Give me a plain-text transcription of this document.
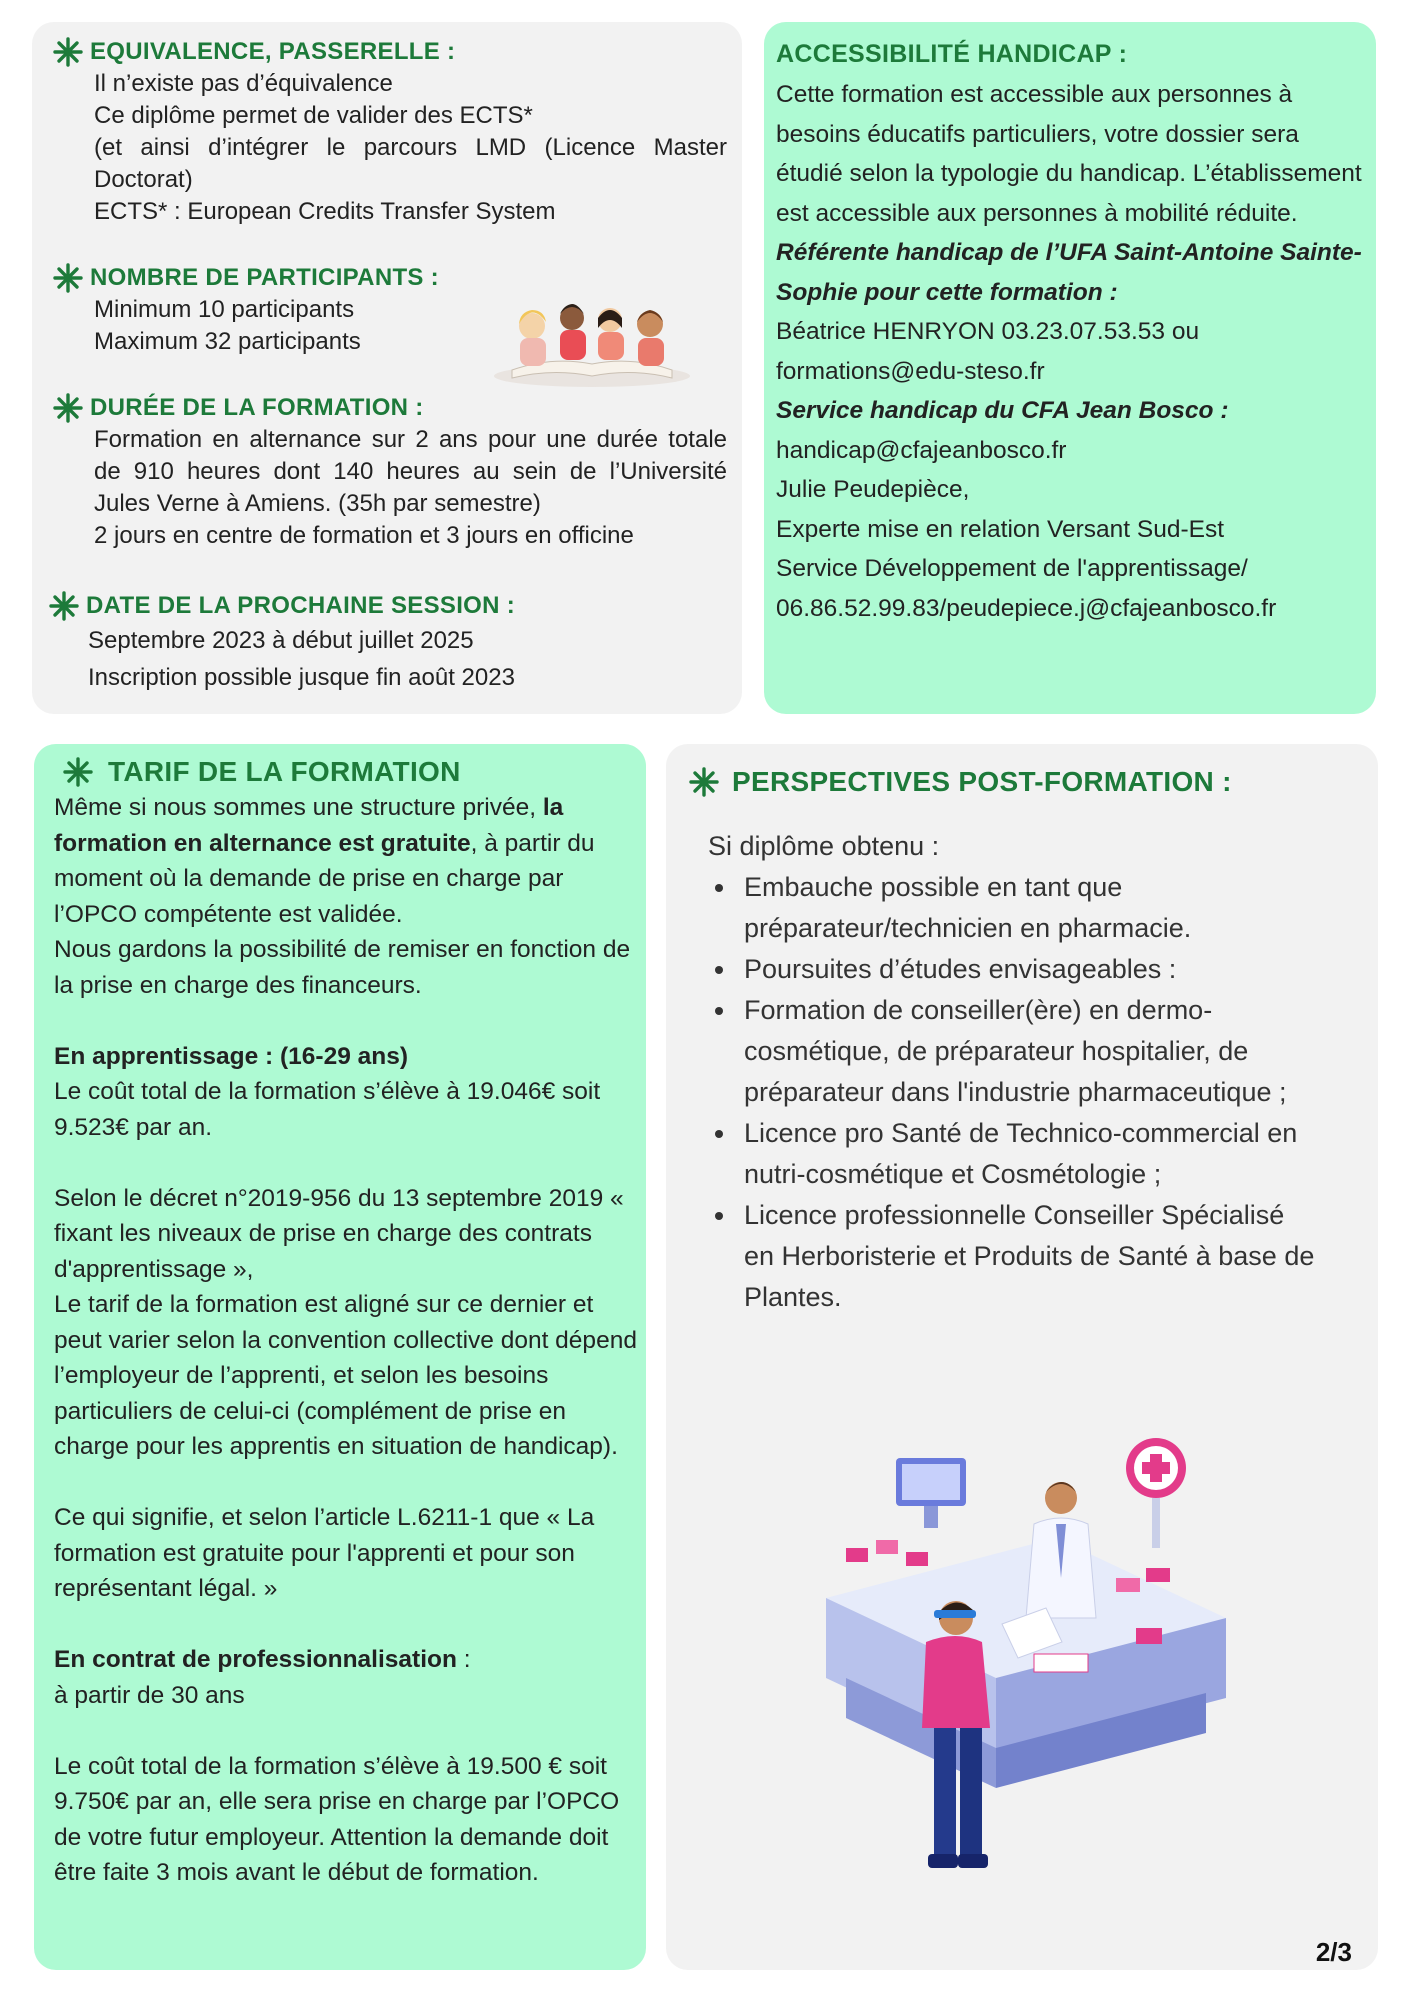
EQUIVALENCE, PASSERELLE :

Il n’existe pas d’équivalence

Ce diplôme permet de valider des ECTS*

(et ainsi d’intégrer le parcours LMD (Licence Master Doctorat)

ECTS* : European Credits Transfer System

NOMBRE DE PARTICIPANTS :

Minimum 10 participants

Maximum 32 participants

DURÉE DE LA FORMATION :

Formation en alternance sur 2 ans pour une durée totale de 910 heures dont 140 heures au sein de l’Université Jules Verne à Amiens. (35h par semestre)

2 jours en centre de formation et 3 jours en officine

DATE DE LA PROCHAINE SESSION :

Septembre 2023 à début juillet 2025

Inscription possible jusque fin août 2023

ACCESSIBILITÉ HANDICAP :

Cette formation est accessible aux personnes à besoins éducatifs particuliers, votre dossier sera étudié selon la typologie du handicap. L’établissement est accessible aux personnes à mobilité réduite.

Référente handicap de l’UFA Saint-Antoine Sainte-Sophie pour cette formation :

Béatrice HENRYON 03.23.07.53.53 ou

formations@edu-steso.fr

Service handicap du CFA Jean Bosco :

handicap@cfajeanbosco.fr

Julie Peudepièce,

Experte mise en relation Versant Sud-Est

Service Développement de l'apprentissage/

06.86.52.99.83/peudepiece.j@cfajeanbosco.fr

TARIF DE LA FORMATION

Même si nous sommes une structure privée, la formation en alternance est gratuite, à partir du moment où la demande de prise en charge par l’OPCO compétente est validée.

Nous gardons la possibilité de remiser en fonction de la prise en charge des financeurs.

En apprentissage : (16-29 ans)

Le coût total de la formation s’élève à 19.046€ soit 9.523€ par an.

Selon le décret n°2019-956 du 13 septembre 2019 « fixant les niveaux de prise en charge des contrats d'apprentissage »,

Le tarif de la formation est aligné sur ce dernier et peut varier selon la convention collective dont dépend l’employeur de l’apprenti, et selon les besoins particuliers de celui-ci (complément de prise en charge pour les apprentis en situation de handicap).

Ce qui signifie, et selon l’article L.6211-1 que « La formation est gratuite pour l'apprenti et pour son représentant légal. »

En contrat de professionnalisation :

à partir de 30 ans

Le coût total de la formation s’élève à 19.500 € soit 9.750€ par an, elle sera prise en charge par l’OPCO de votre futur employeur. Attention la demande doit être faite 3 mois avant le début de formation.

PERSPECTIVES POST-FORMATION :

Si diplôme obtenu :

• Embauche possible en tant que préparateur/technicien en pharmacie.
• Poursuites d’études envisageables :
• Formation de conseiller(ère) en dermo-cosmétique, de préparateur hospitalier, de préparateur dans l'industrie pharmaceutique ;
• Licence pro Santé de Technico-commercial en nutri-cosmétique et Cosmétologie ;
• Licence professionnelle Conseiller Spécialisé en Herboristerie et Produits de Santé à base de Plantes.
2/3
